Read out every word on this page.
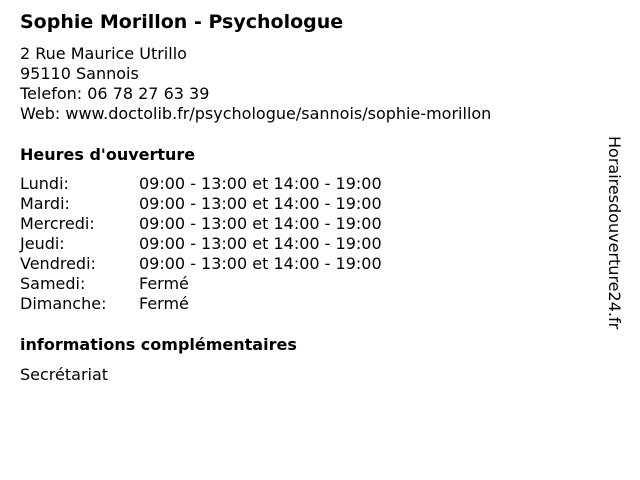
Sophie Morillon - Psychologue
2 Rue Maurice Utrillo
95110 Sannois
Telefon: 06 78 27 63 39
Web: www.doctolib.fr/psychologue/sannois/sophie-morillon
Heures d'ouverture
Lundi:	09:00 - 13:00 et 14:00 - 19:00
Mardi:	09:00 - 13:00 et 14:00 - 19:00
Mercredi:	09:00 - 13:00 et 14:00 - 19:00
Jeudi:	09:00 - 13:00 et 14:00 - 19:00
Vendredi:	09:00 - 13:00 et 14:00 - 19:00
Samedi:	Fermé
Dimanche:	Fermé
informations complémentaires
Secrétariat
Horairesdouverture24.fr
